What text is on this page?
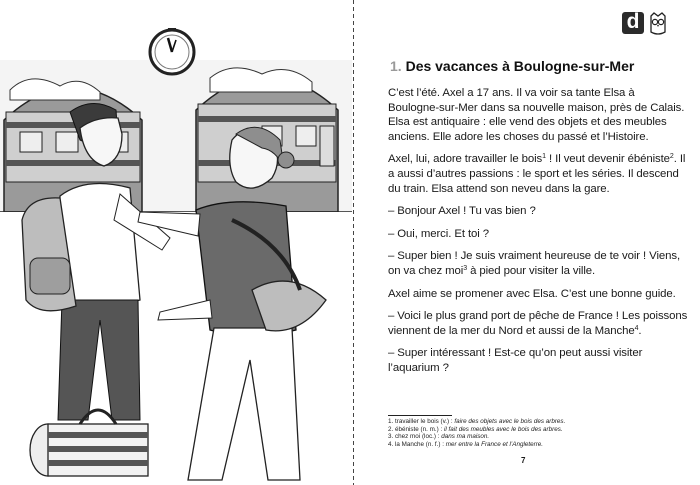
d
1. Des vacances à Boulogne-sur-Mer

C’est l’été. Axel a 17 ans. Il va voir sa tante Elsa à Boulogne-sur-Mer dans sa nouvelle maison, près de Calais. Elsa est antiquaire : elle vend des objets et des meubles anciens. Elle adore les choses du passé et l’Histoire.

Axel, lui, adore travailler le bois$^1$ ! Il veut devenir ébéniste$^2$. Il a aussi d’autres passions : le sport et les séries. Il descend du train. Elsa attend son neveu dans la gare.

– Bonjour Axel ! Tu vas bien ?

– Oui, merci. Et toi ?

– Super bien ! Je suis vraiment heureuse de te voir ! Viens, on va chez moi$^3$ à pied pour visiter la ville.

Axel aime se promener avec Elsa. C’est une bonne guide.

– Voici le plus grand port de pêche de France ! Les poissons viennent de la mer du Nord et aussi de la Manche$^4$.

– Super intéressant ! Est-ce qu’on peut aussi visiter l’aquarium ?

1. travailler le bois (v.) : faire des objets avec le bois des arbres.
2. ébéniste (n. m.) : il fait des meubles avec le bois des arbres.
3. chez moi (loc.) : dans ma maison.
4. la Manche (n. f.) : mer entre la France et l’Angleterre.
7
